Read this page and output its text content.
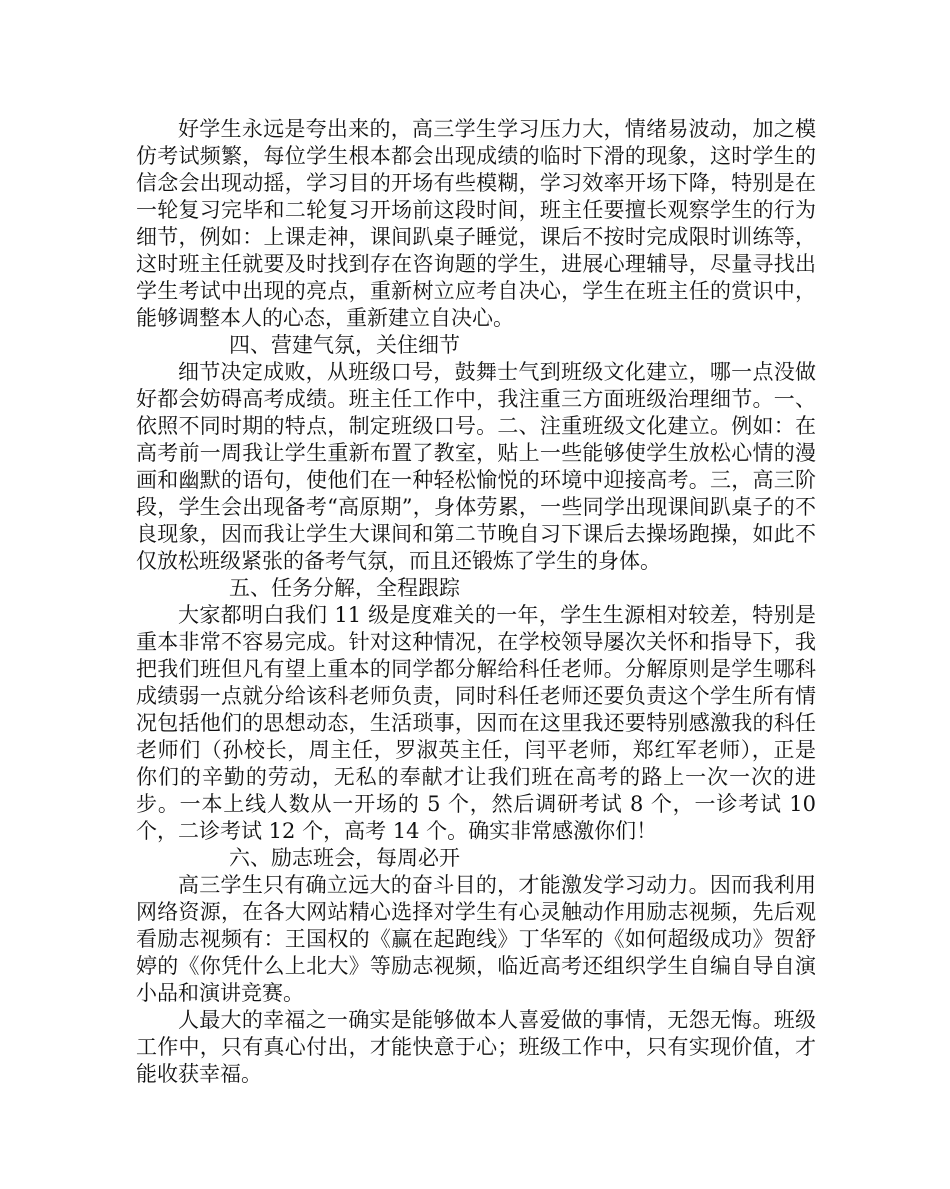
好学生永远是夸出来的，高三学生学习压力大，情绪易波动，加之模仿考试频繁，每位学生根本都会出现成绩的临时下滑的现象，这时学生的信念会出现动摇，学习目的开场有些模糊，学习效率开场下降，特别是在一轮复习完毕和二轮复习开场前这段时间，班主任要擅长观察学生的行为细节，例如：上课走神，课间趴桌子睡觉，课后不按时完成限时训练等，这时班主任就要及时找到存在咨询题的学生，进展心理辅导，尽量寻找出学生考试中出现的亮点，重新树立应考自决心，学生在班主任的赏识中，能够调整本人的心态，重新建立自决心。

四、营建气氛，关住细节

细节决定成败，从班级口号，鼓舞士气到班级文化建立，哪一点没做好都会妨碍高考成绩。班主任工作中，我注重三方面班级治理细节。一、依照不同时期的特点，制定班级口号。二、注重班级文化建立。例如：在高考前一周我让学生重新布置了教室，贴上一些能够使学生放松心情的漫画和幽默的语句，使他们在一种轻松愉悦的环境中迎接高考。三，高三阶段，学生会出现备考“高原期”，身体劳累，一些同学出现课间趴桌子的不良现象，因而我让学生大课间和第二节晚自习下课后去操场跑操，如此不仅放松班级紧张的备考气氛，而且还锻炼了学生的身体。

五、任务分解，全程跟踪

大家都明白我们 11 级是度难关的一年，学生生源相对较差，特别是重本非常不容易完成。针对这种情况，在学校领导屡次关怀和指导下，我把我们班但凡有望上重本的同学都分解给科任老师。分解原则是学生哪科成绩弱一点就分给该科老师负责，同时科任老师还要负责这个学生所有情况包括他们的思想动态，生活琐事，因而在这里我还要特别感激我的科任老师们（孙校长，周主任，罗淑英主任，闫平老师，郑红军老师），正是你们的辛勤的劳动，无私的奉献才让我们班在高考的路上一次一次的进步。一本上线人数从一开场的 5 个，然后调研考试 8 个，一诊考试 10 个，二诊考试 12 个，高考 14 个。确实非常感激你们！

六、励志班会，每周必开

高三学生只有确立远大的奋斗目的，才能激发学习动力。因而我利用网络资源，在各大网站精心选择对学生有心灵触动作用励志视频，先后观看励志视频有：王国权的《赢在起跑线》丁华军的《如何超级成功》贺舒婷的《你凭什么上北大》等励志视频，临近高考还组织学生自编自导自演小品和演讲竞赛。

人最大的幸福之一确实是能够做本人喜爱做的事情，无怨无悔。班级工作中，只有真心付出，才能快意于心；班级工作中，只有实现价值，才能收获幸福。
